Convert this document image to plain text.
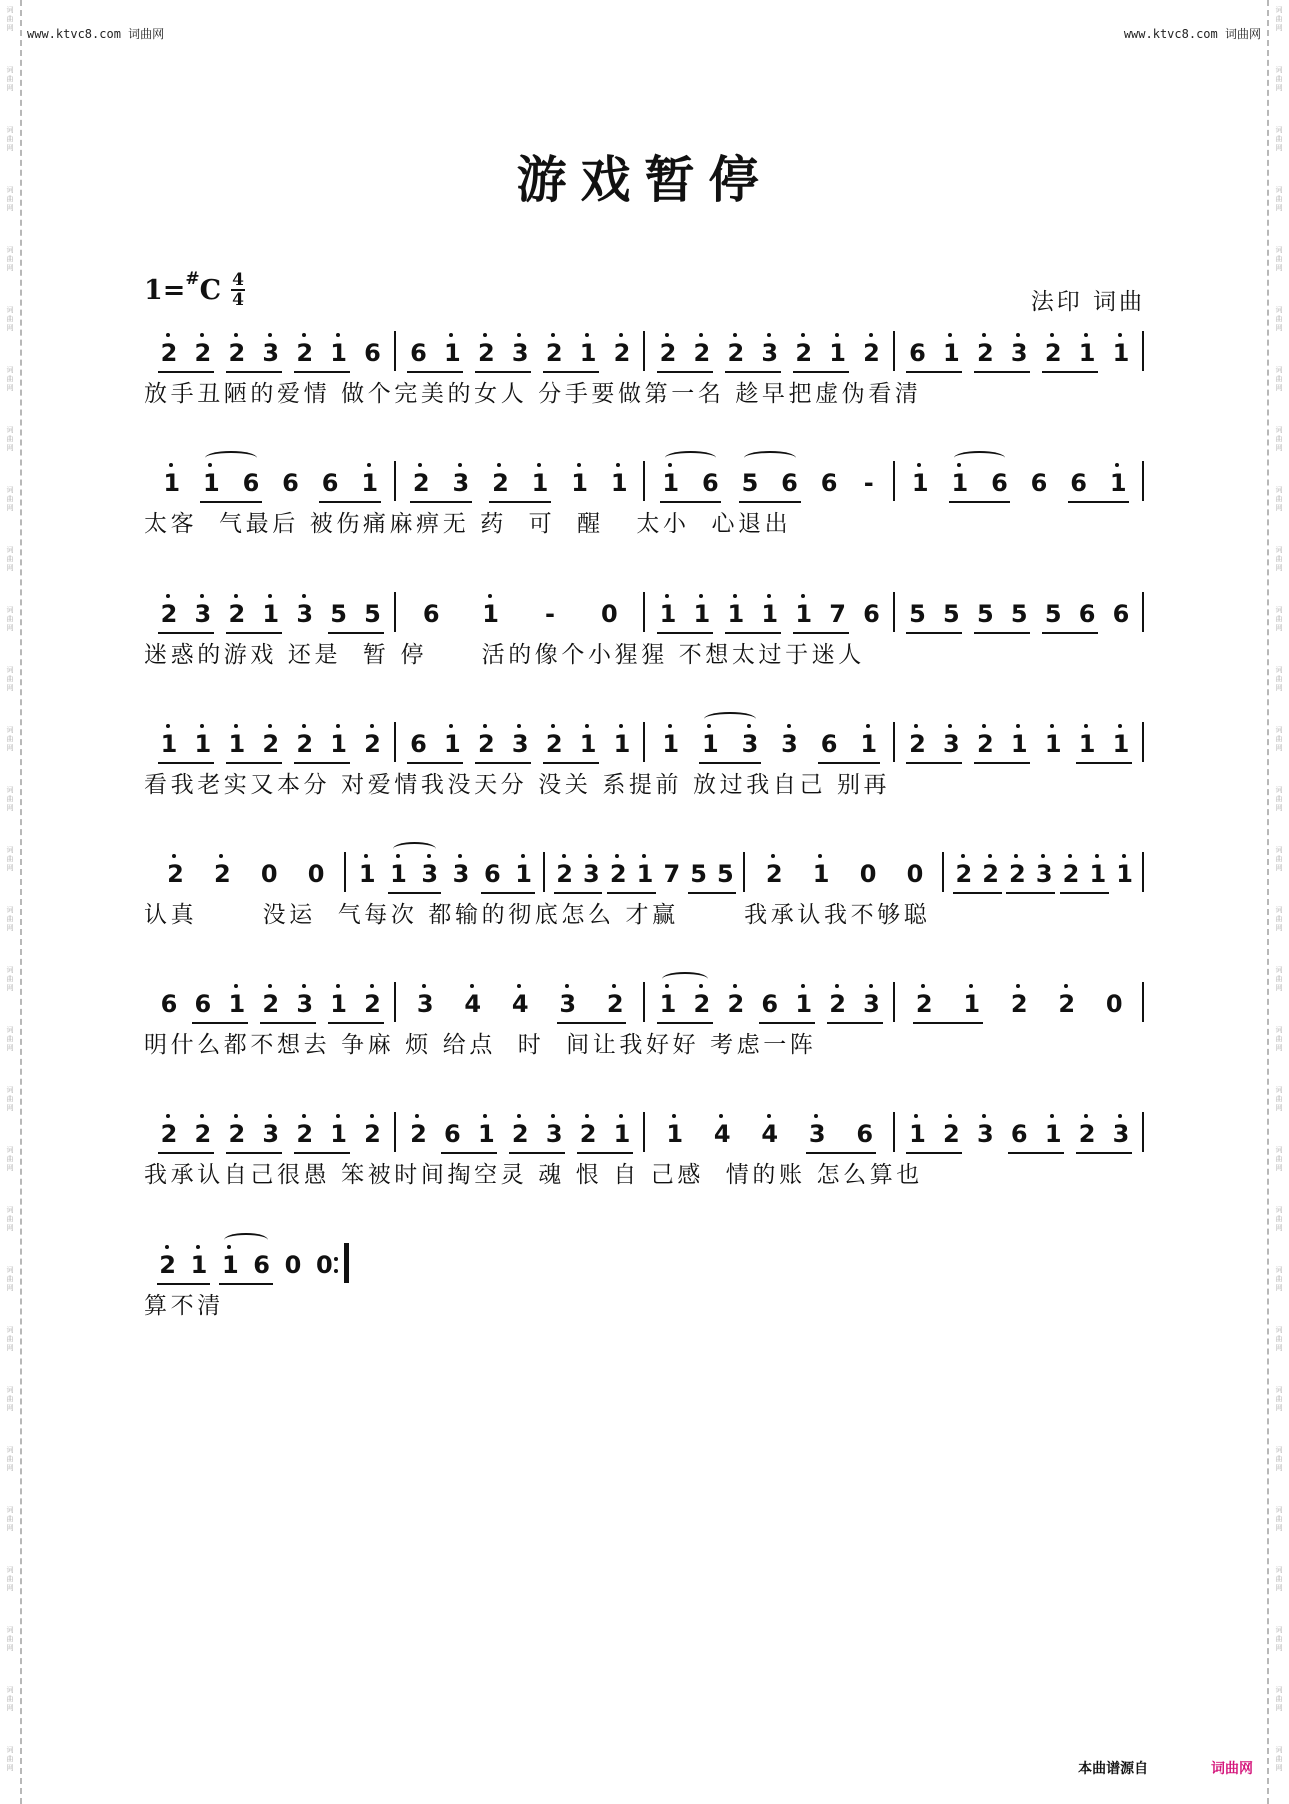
词
曲
网
词
曲
网
词
曲
网
词
曲
网
词
曲
网
词
曲
网
词
曲
网
词
曲
网
词
曲
网
词
曲
网
词
曲
网
词
曲
网
词
曲
网
词
曲
网
词
曲
网
词
曲
网
词
曲
网
词
曲
网
词
曲
网
词
曲
网
词
曲
网
词
曲
网
词
曲
网
词
曲
网
词
曲
网
词
曲
网
词
曲
网
词
曲
网
词
曲
网
词
曲
网
词
曲
网
词
曲
网
词
曲
网
词
曲
网
词
曲
网
词
曲
网
词
曲
网
词
曲
网
词
曲
网
词
曲
网
词
曲
网
词
曲
网
词
曲
网
词
曲
网
词
曲
网
词
曲
网
词
曲
网
词
曲
网
词
曲
网
词
曲
网
词
曲
网
词
曲
网
词
曲
网
词
曲
网
词
曲
网
词
曲
网
词
曲
网
词
曲
网
词
曲
网
词
曲
网
www.ktvc8.com 词曲网	www.ktvc8.com 词曲网
游戏暂停
1= # C $\frac{4}{4}$	法印 词曲
2 2 2 3 2 1 6 6 1 2 3 2 1 2 2 2 2 3 2 1 2 6 1 2 3 2 1 1
放手丑陋的爱情 做个完美的女人 分手要做第一名 趁早把虚伪看清
1 1 6 6 6 1 2 3 2 1 1 1 1 6 5 6 6	-	1 1 6 6 6 1
太客  气最后 被伤痛麻痹无 药  可  醒   太小  心退出
2 3 2 1 3 5 5 6 1	-	0 1 1 1 1 1 7 6 5 5 5 5 5 6 6
迷惑的游戏 还是  暂 停     活的像个小猩猩 不想太过于迷人
1 1 1 2 2 1 2 6 1 2 3 2 1 1 1 1 3 3 6 1 2 3 2 1 1 1 1
看我老实又本分 对爱情我没天分 没关 系提前 放过我自己 别再
2 2 0 0 1 1 3 3 6 1 2 3 2 1 7 5 5 2 1 0 0 2 2 2 3 2 1 1
认真      没运  气每次 都输的彻底怎么 才赢      我承认我不够聪
6 6 1 2 3 1 2 3 4 4 3 2 1 2 2 6 1 2 3 2 1 2 2 0
明什么都不想去 争麻 烦 给点  时  间让我好好 考虑一阵
2 2 2 3 2 1 2 2 6 1 2 3 2 1 1 4 4 3 6 1 2 3 6 1 2 3
我承认自己很愚 笨被时间掏空灵 魂 恨 自 己感  情的账 怎么算也
2 1 1 6 0 0
算不清
本曲谱源自	词曲网
